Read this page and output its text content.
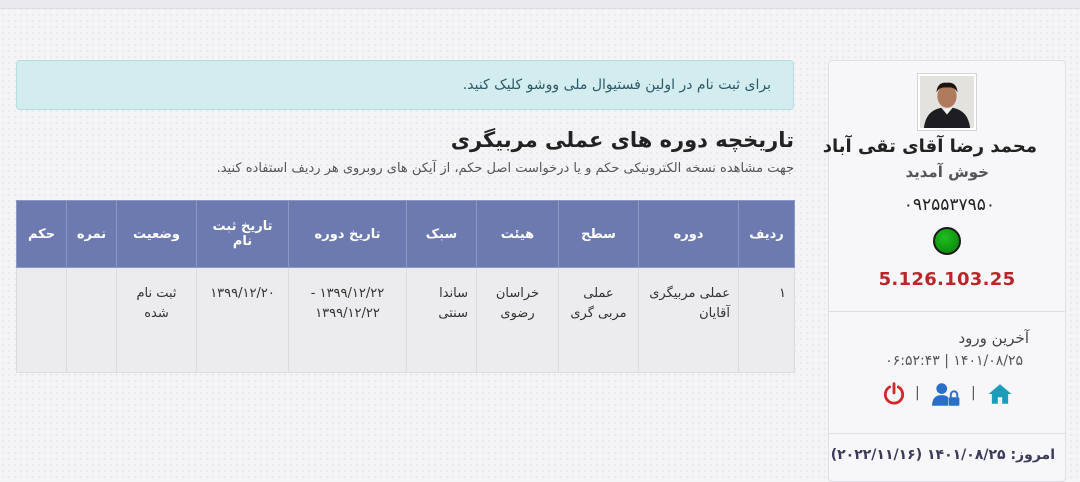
برای ثبت نام در اولین فستیوال ملی ووشو کلیک کنید.
تاریخچه دوره های عملی مربیگری
جهت مشاهده نسخه الکترونیکی حکم و یا درخواست اصل حکم، از آیکن های روبروی هر ردیف استفاده کنید.
ردیف	دوره	سطح	هیئت	سبک	تاریخ دوره	تاریخ ثبت نام	وضعیت	نمره	حکم
۱	عملی مربیگری آقایان	عملی مربی گری	خراسان رضوی	ساندا سنتی	۱۳۹۹/۱۲/۲۲ - ۱۳۹۹/۱۲/۲۲	۱۳۹۹/۱۲/۲۰	ثبت نام شده		
محمد رضا آقای تقی آباد
خوش آمدید
۰۹۲۵۵۳۷۹۵۰
5.126.103.25
آخرین ورود
۱۴۰۱/۰۸/۲۵ | ۰۶:۵۲:۴۳
|	|
امروز: ۱۴۰۱/۰۸/۲۵ (۲۰۲۲/۱۱/۱۶)
